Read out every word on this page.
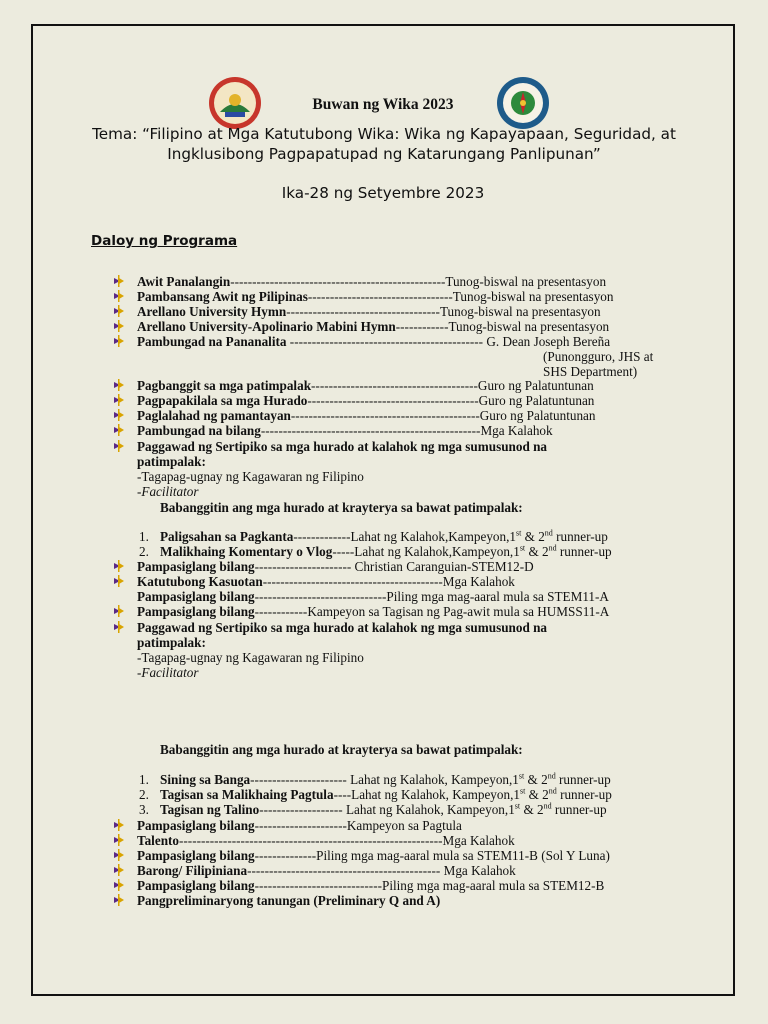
Buwan ng Wika 2023
Tema: “Filipino at Mga Katutubong Wika: Wika ng Kapayapaan, Seguridad, at Ingklusibong Pagpapatupad ng Katarungang Panlipunan”
Ika-28 ng Setyembre 2023
Daloy ng Programa
Awit Panalangin-------------------------------------------------Tunog-biswal na presentasyon
Pambansang Awit ng Pilipinas---------------------------------Tunog-biswal na presentasyon
Arellano University Hymn-----------------------------------Tunog-biswal na presentasyon
Arellano University-Apolinario Mabini Hymn------------Tunog-biswal na presentasyon
Pambungad na Pananalita -------------------------------------------- G. Dean Joseph Bereña
(Punongguro, JHS at
SHS Department)
Pagbanggit sa mga patimpalak--------------------------------------Guro ng Palatuntunan
Pagpapakilala sa mga Hurado---------------------------------------Guro ng Palatuntunan
Paglalahad ng pamantayan-------------------------------------------Guro ng Palatuntunan
Pambungad na bilang--------------------------------------------------Mga Kalahok
Paggawad ng Sertipiko sa mga hurado at kalahok ng mga sumusunod na
patimpalak:
-Tagapag-ugnay ng Kagawaran ng Filipino
-Facilitator
Babanggitin ang mga hurado at krayterya sa bawat patimpalak:
1. Paligsahan sa Pagkanta-------------Lahat ng Kalahok,Kampeyon,1st & 2nd runner-up
2. Malikhaing Komentary o Vlog-----Lahat ng Kalahok,Kampeyon,1st & 2nd runner-up
Pampasiglang bilang---------------------- Christian Caranguian-STEM12-D
Katutubong Kasuotan-----------------------------------------Mga Kalahok
Pampasiglang bilang------------------------------Piling mga mag-aaral mula sa STEM11-A
Pampasiglang bilang------------Kampeyon sa Tagisan ng Pag-awit mula sa HUMSS11-A
Paggawad ng Sertipiko sa mga hurado at kalahok ng mga sumusunod na
patimpalak:
-Tagapag-ugnay ng Kagawaran ng Filipino
-Facilitator
Babanggitin ang mga hurado at krayterya sa bawat patimpalak:
1. Sining sa Banga---------------------- Lahat ng Kalahok, Kampeyon,1st & 2nd runner-up
2. Tagisan sa Malikhaing Pagtula----Lahat ng Kalahok, Kampeyon,1st & 2nd runner-up
3. Tagisan ng Talino------------------- Lahat ng Kalahok, Kampeyon,1st & 2nd runner-up
Pampasiglang bilang---------------------Kampeyon sa Pagtula
Talento------------------------------------------------------------Mga Kalahok
Pampasiglang bilang--------------Piling mga mag-aaral mula sa STEM11-B (Sol Y Luna)
Barong/ Filipiniana-------------------------------------------- Mga Kalahok
Pampasiglang bilang-----------------------------Piling mga mag-aaral mula sa STEM12-B
Pangpreliminaryong tanungan (Preliminary Q and A)
